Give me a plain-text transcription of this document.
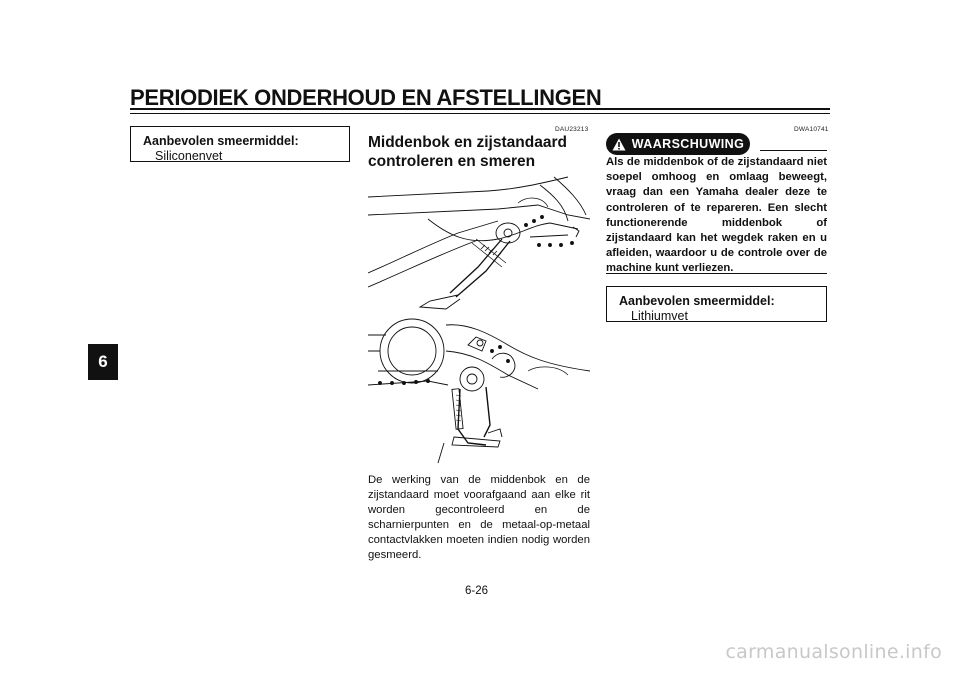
PERIODIEK ONDERHOUD EN AFSTELLINGEN
6
Aanbevolen smeermiddel:
Siliconenvet
DAU23213
Middenbok en zijstandaard controleren en smeren
De werking van de middenbok en de zijstandaard moet voorafgaand aan elke rit worden gecontroleerd en de scharnierpunten en de metaal-op-metaal contactvlakken moeten indien nodig worden gesmeerd.
DWA10741
WAARSCHUWING
Als de middenbok of de zijstandaard niet soepel omhoog en omlaag beweegt, vraag dan een Yamaha dealer deze te controleren of te repareren. Een slecht functionerende middenbok of zijstandaard kan het wegdek raken en u afleiden, waardoor u de controle over de machine kunt verliezen.
Aanbevolen smeermiddel:
Lithiumvet
6-26
carmanualsonline.info
